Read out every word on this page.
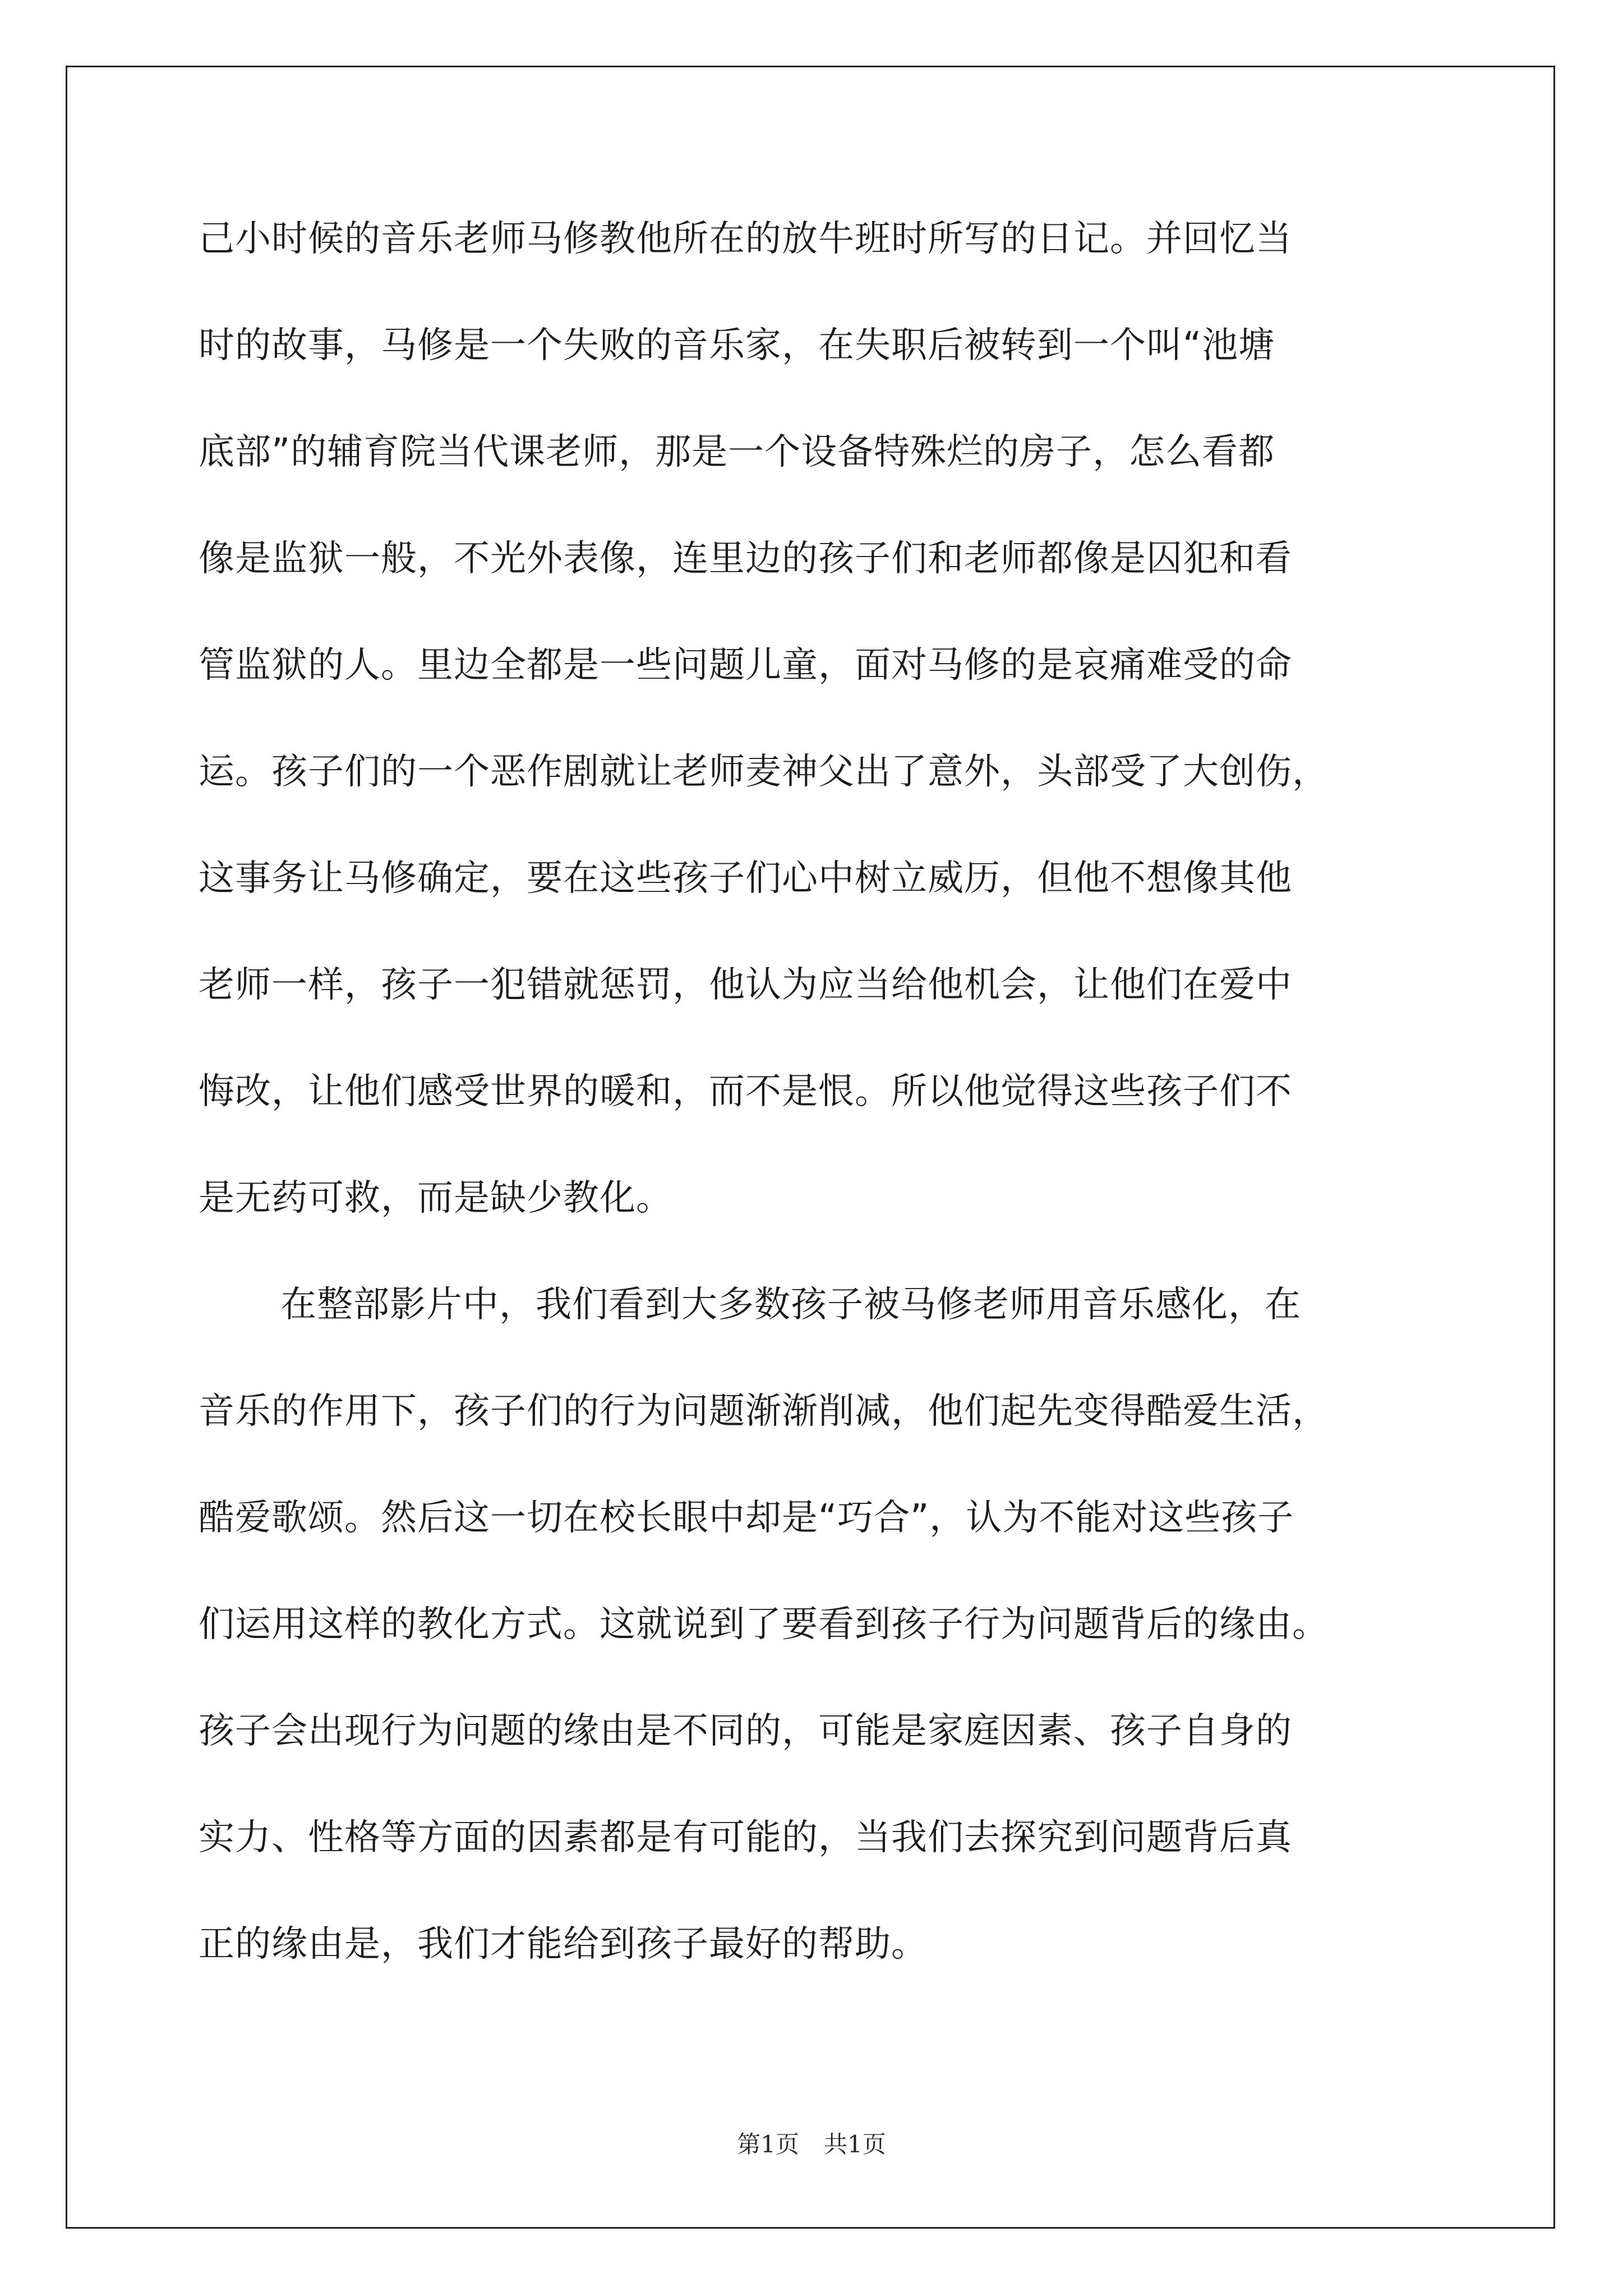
己小时候的音乐老师马修教他所在的放牛班时所写的日记。并回忆当
时的故事，马修是一个失败的音乐家，在失职后被转到一个叫“池塘
底部”的辅育院当代课老师，那是一个设备特殊烂的房子，怎么看都
像是监狱一般，不光外表像，连里边的孩子们和老师都像是囚犯和看
管监狱的人。里边全都是一些问题儿童，面对马修的是哀痛难受的命
运。孩子们的一个恶作剧就让老师麦神父出了意外，头部受了大创伤，
这事务让马修确定，要在这些孩子们心中树立威历，但他不想像其他
老师一样，孩子一犯错就惩罚，他认为应当给他机会，让他们在爱中
悔改，让他们感受世界的暖和，而不是恨。所以他觉得这些孩子们不
是无药可救，而是缺少教化。
在整部影片中，我们看到大多数孩子被马修老师用音乐感化，在
音乐的作用下，孩子们的行为问题渐渐削减，他们起先变得酷爱生活，
酷爱歌颂。然后这一切在校长眼中却是“巧合”，认为不能对这些孩子
们运用这样的教化方式。这就说到了要看到孩子行为问题背后的缘由。
孩子会出现行为问题的缘由是不同的，可能是家庭因素、孩子自身的
实力、性格等方面的因素都是有可能的，当我们去探究到问题背后真
正的缘由是，我们才能给到孩子最好的帮助。
第1页 共1页
